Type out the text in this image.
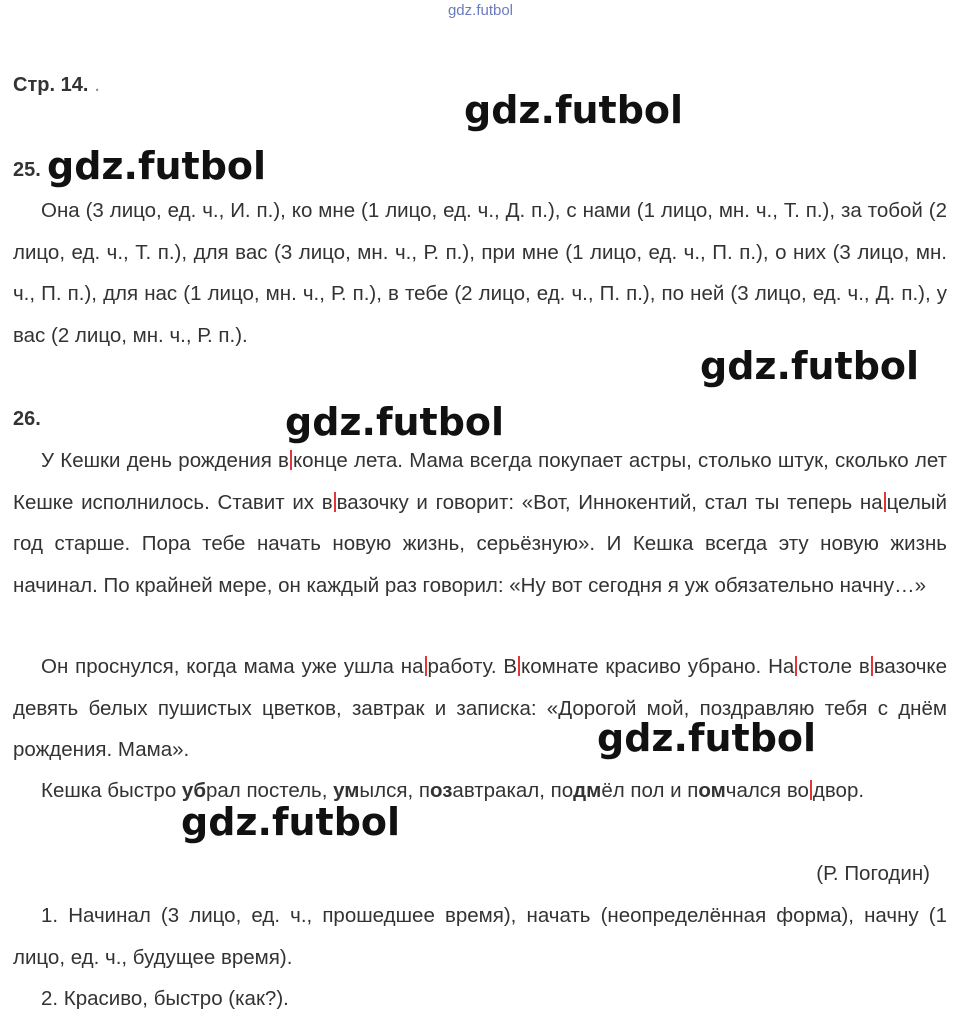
gdz.futbol
Стр. 14. .
gdz.futbol
25. gdz.futbol

Она (3 лицо, ед. ч., И. п.), ко мне (1 лицо, ед. ч., Д. п.), с нами (1 лицо, мн. ч., Т. п.), за тобой (2 лицо, ед. ч., Т. п.), для вас (3 лицо, мн. ч., Р. п.), при мне (1 лицо, ед. ч., П. п.), о них (3 лицо, мн. ч., П. п.), для нас (1 лицо, мн. ч., Р. п.), в тебе (2 лицо, ед. ч., П. п.), по ней (3 лицо, ед. ч., Д. п.), у вас (2 лицо, мн. ч., Р. п.).

gdz.futbol
26.	gdz.futbol

У Кешки день рождения в конце лета. Мама всегда покупает астры, столько штук, сколько лет Кешке исполнилось. Ставит их в вазочку и говорит: «Вот, Иннокентий, стал ты теперь на целый год старше. Пора тебе начать новую жизнь, серьёзную». И Кешка всегда эту новую жизнь начинал. По крайней мере, он каждый раз говорил: «Ну вот сегодня я уж обязательно начну…»

Он проснулся, когда мама уже ушла на работу. В комнате красиво убрано. На столе в вазочке девять белых пушистых цветков, завтрак и записка: «Дорогой мой, поздравляю тебя с днём рождения. Мама».	gdz.futbol

Кешка быстро убрал постель, умылся, позавтракал, подмёл пол и помчался во двор.

gdz.futbol
(Р. Погодин)

1. Начинал (3 лицо, ед. ч., прошедшее время), начать (неопределённая форма), начну (1 лицо, ед. ч., будущее время).

2. Красиво, быстро (как?).
